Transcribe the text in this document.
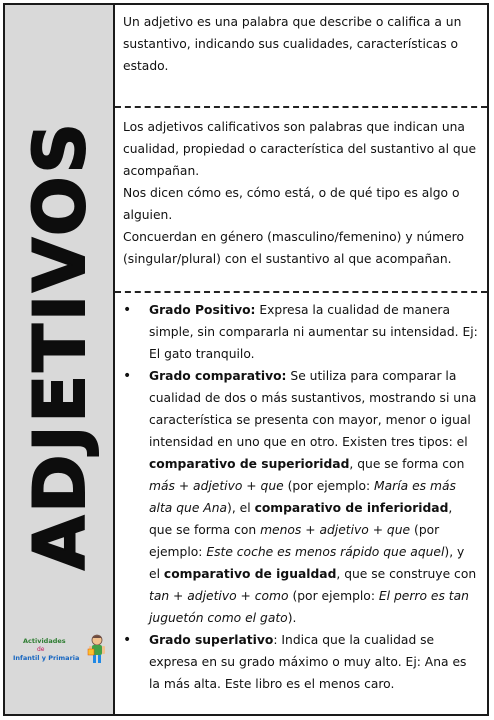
ADJETIVOS
Actividades
de
Infantil y Primaria

Un adjetivo es una palabra que describe o califica a un sustantivo, indicando sus cualidades, características o estado.

Los adjetivos calificativos son palabras que indican una cualidad, propiedad o característica del sustantivo al que acompañan.

Nos dicen cómo es, cómo está, o de qué tipo es algo o alguien.

Concuerdan en género (masculino/femenino) y número (singular/plural) con el sustantivo al que acompañan.

• Grado Positivo: Expresa la cualidad de manera simple, sin compararla ni aumentar su intensidad. Ej: El gato tranquilo.
• Grado comparativo: Se utiliza para comparar la cualidad de dos o más sustantivos, mostrando si una característica se presenta con mayor, menor o igual intensidad en uno que en otro. Existen tres tipos: el comparativo de superioridad, que se forma con más + adjetivo + que (por ejemplo: María es más alta que Ana), el comparativo de inferioridad, que se forma con menos + adjetivo + que (por ejemplo: Este coche es menos rápido que aquel), y el comparativo de igualdad, que se construye con tan + adjetivo + como (por ejemplo: El perro es tan juguetón como el gato).
• Grado superlativo: Indica que la cualidad se expresa en su grado máximo o muy alto. Ej: Ana es la más alta. Este libro es el menos caro.
